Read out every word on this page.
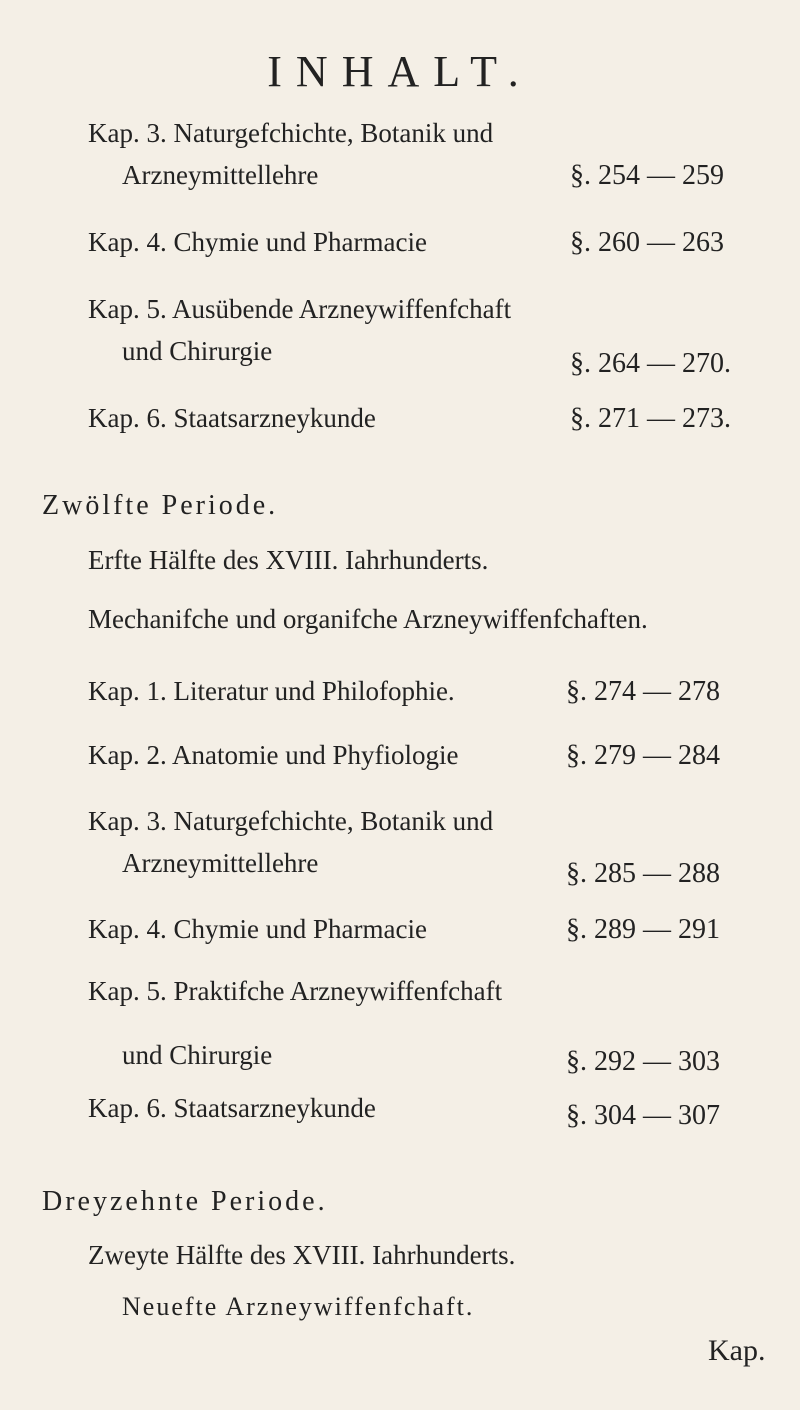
INHALT.
Kap. 3. Naturgefchichte, Botanik und
Arzneymittellehre	§. 254 — 259
Kap. 4. Chymie und Pharmacie	§. 260 — 263
Kap. 5. Ausübende Arzneywiffenfchaft
und Chirurgie	§. 264 — 270.
Kap. 6. Staatsarzneykunde	§. 271 — 273.
Zwölfte Periode.
Erfte Hälfte des XVIII. Iahrhunderts.
Mechanifche und organifche Arzneywiffenfchaften.
Kap. 1. Literatur und Philofophie.	§. 274 — 278
Kap. 2. Anatomie und Phyfiologie	§. 279 — 284
Kap. 3. Naturgefchichte, Botanik und
Arzneymittellehre	§. 285 — 288
Kap. 4. Chymie und Pharmacie	§. 289 — 291
Kap. 5. Praktifche Arzneywiffenfchaft
und Chirurgie	§. 292 — 303
Kap. 6. Staatsarzneykunde	§. 304 — 307
Dreyzehnte Periode.
Zweyte Hälfte des XVIII. Iahrhunderts.
Neuefte Arzneywiffenfchaft.
Kap.
